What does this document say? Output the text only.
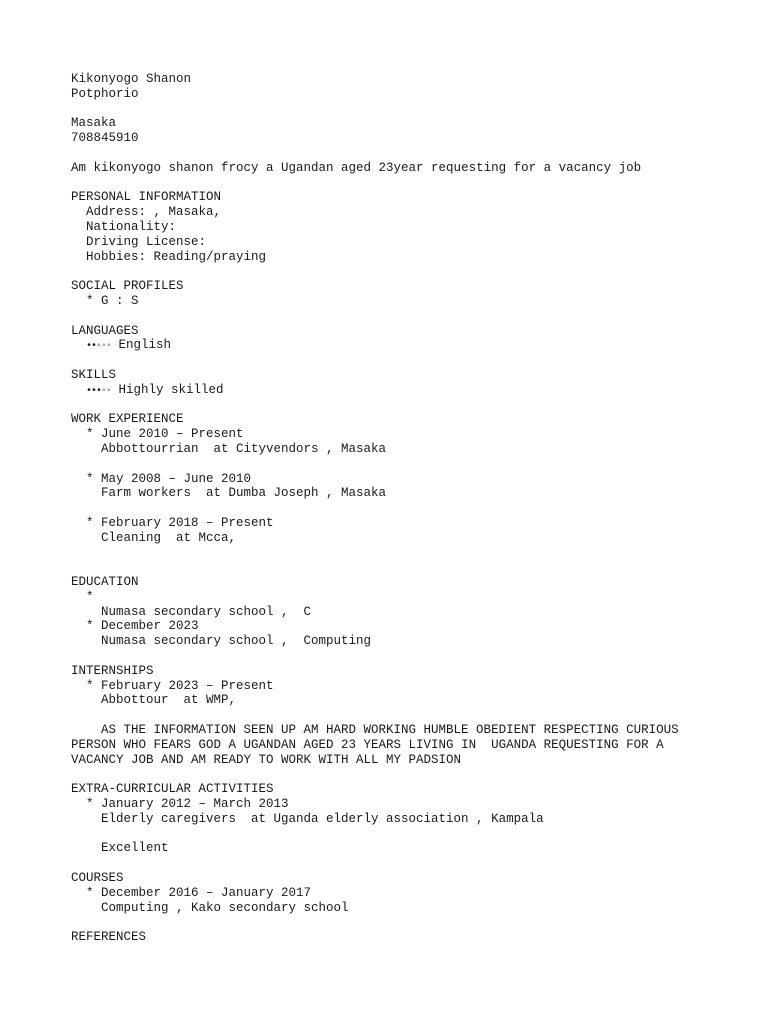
Kikonyogo Shanon
Potphorio
Masaka
708845910
Am kikonyogo shanon frocy a Ugandan aged 23year requesting for a vacancy job
PERSONAL INFORMATION
Address: , Masaka,
Nationality:
Driving License:
Hobbies: Reading/praying
SOCIAL PROFILES
* G : S
LANGUAGES
••◦◦◦ English
SKILLS
•••◦◦ Highly skilled
WORK EXPERIENCE
* June 2010 – Present
Abbottourrian  at Cityvendors , Masaka
* May 2008 – June 2010
Farm workers  at Dumba Joseph , Masaka
* February 2018 – Present
Cleaning  at Mcca,
EDUCATION
*
Numasa secondary school ,  C
* December 2023
Numasa secondary school ,  Computing
INTERNSHIPS
* February 2023 – Present
Abbottour  at WMP,
AS THE INFORMATION SEEN UP AM HARD WORKING HUMBLE OBEDIENT RESPECTING CURIOUS
PERSON WHO FEARS GOD A UGANDAN AGED 23 YEARS LIVING IN  UGANDA REQUESTING FOR A
VACANCY JOB AND AM READY TO WORK WITH ALL MY PADSION
EXTRA-CURRICULAR ACTIVITIES
* January 2012 – March 2013
Elderly caregivers  at Uganda elderly association , Kampala
Excellent
COURSES
* December 2016 – January 2017
Computing , Kako secondary school
REFERENCES
